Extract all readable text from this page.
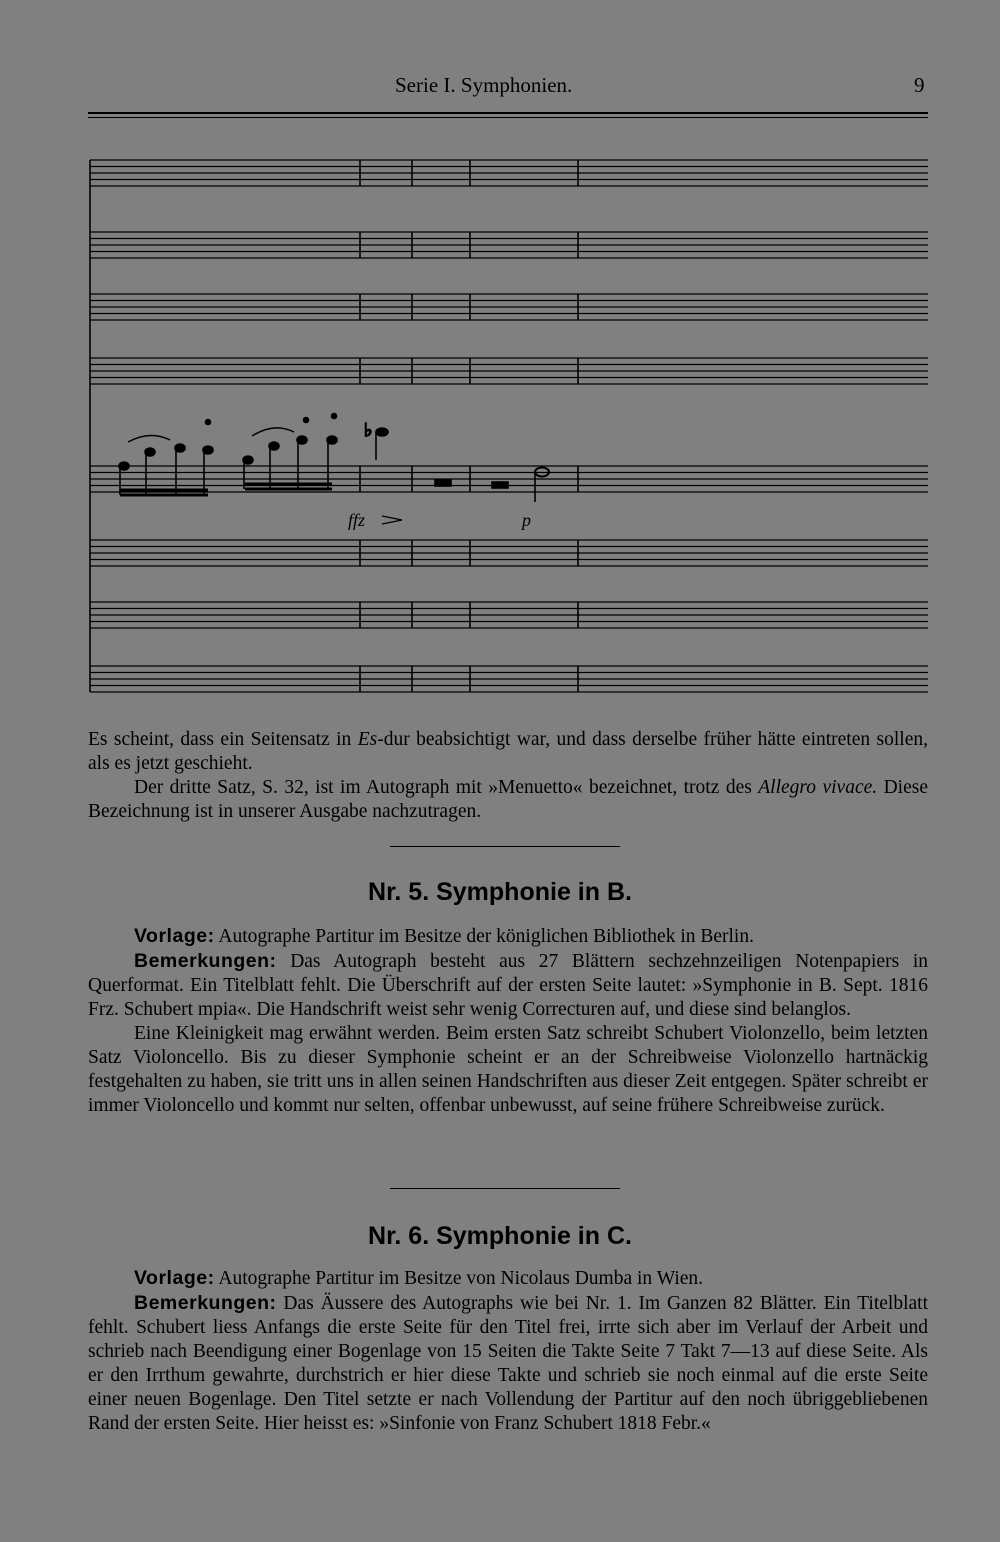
Serie I. Symphonien.	9
♭
ffz	p

Es scheint, dass ein Seitensatz in Es-dur beabsichtigt war, und dass derselbe früher hätte eintreten sollen, als es jetzt geschieht.

Der dritte Satz, S. 32, ist im Autograph mit »Menuetto« bezeichnet, trotz des Allegro vivace. Diese Bezeichnung ist in unserer Ausgabe nachzutragen.

Nr. 5. Symphonie in B.

Vorlage: Autographe Partitur im Besitze der königlichen Bibliothek in Berlin.

Bemerkungen: Das Autograph besteht aus 27 Blättern sechzehnzeiligen Notenpapiers in Querformat. Ein Titelblatt fehlt. Die Überschrift auf der ersten Seite lautet: »Symphonie in B. Sept. 1816 Frz. Schubert mpia«. Die Handschrift weist sehr wenig Correcturen auf, und diese sind belanglos.

Eine Kleinigkeit mag erwähnt werden. Beim ersten Satz schreibt Schubert Violonzello, beim letzten Satz Violoncello. Bis zu dieser Symphonie scheint er an der Schreibweise Violonzello hartnäckig festgehalten zu haben, sie tritt uns in allen seinen Handschriften aus dieser Zeit entgegen. Später schreibt er immer Violoncello und kommt nur selten, offenbar unbewusst, auf seine frühere Schreibweise zurück.

Nr. 6. Symphonie in C.

Vorlage: Autographe Partitur im Besitze von Nicolaus Dumba in Wien.

Bemerkungen: Das Äussere des Autographs wie bei Nr. 1. Im Ganzen 82 Blätter. Ein Titelblatt fehlt. Schubert liess Anfangs die erste Seite für den Titel frei, irrte sich aber im Verlauf der Arbeit und schrieb nach Beendigung einer Bogenlage von 15 Seiten die Takte Seite 7 Takt 7—13 auf diese Seite. Als er den Irrthum gewahrte, durchstrich er hier diese Takte und schrieb sie noch einmal auf die erste Seite einer neuen Bogenlage. Den Titel setzte er nach Vollendung der Partitur auf den noch übriggebliebenen Rand der ersten Seite. Hier heisst es: »Sinfonie von Franz Schubert 1818 Febr.«
